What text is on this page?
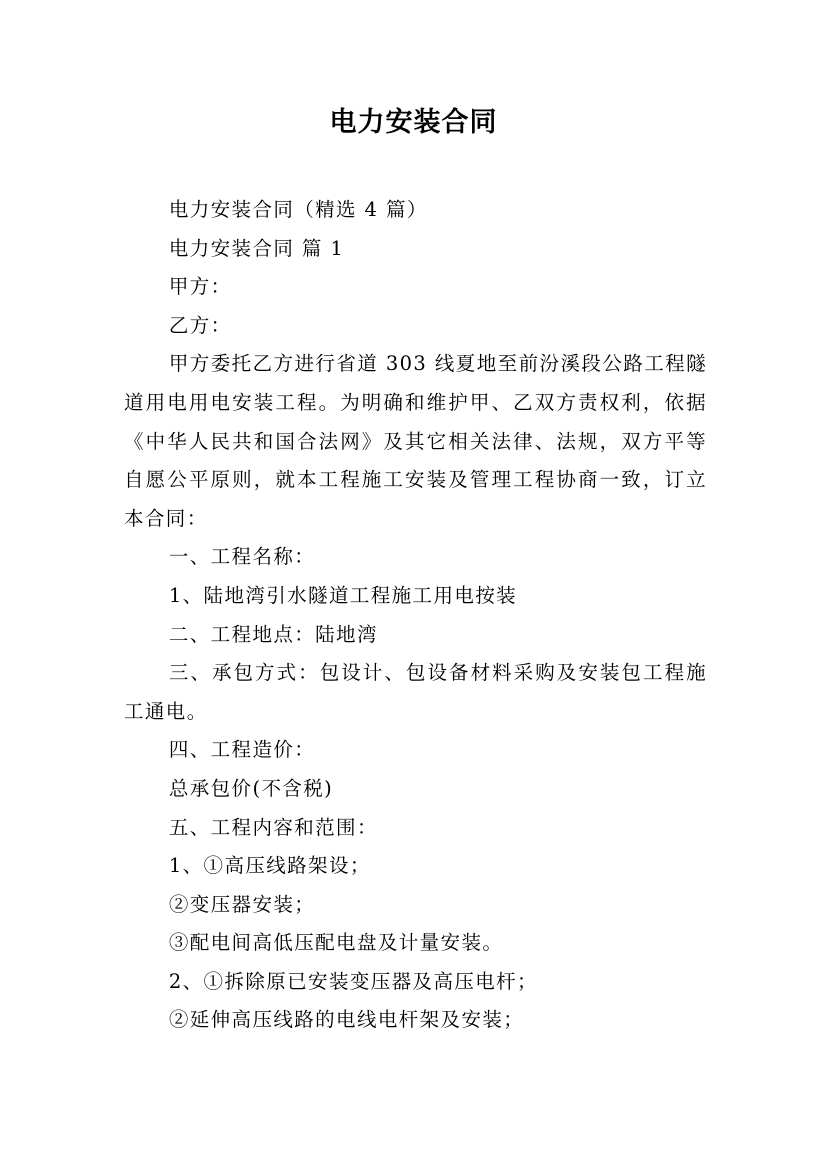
电力安装合同

电力安装合同（精选 4 篇）

电力安装合同 篇 1

甲方：

乙方：

甲方委托乙方进行省道 303 线夏地至前汾溪段公路工程隧道用电用电安装工程。为明确和维护甲、乙双方责权利，依据《中华人民共和国合法网》及其它相关法律、法规，双方平等自愿公平原则，就本工程施工安装及管理工程协商一致，订立本合同：

一、工程名称：

1、陆地湾引水隧道工程施工用电按装

二、工程地点：陆地湾

三、承包方式：包设计、包设备材料采购及安装包工程施工通电。

四、工程造价：

总承包价(不含税)

五、工程内容和范围：

1、①高压线路架设；

②变压器安装；

③配电间高低压配电盘及计量安装。

2、①拆除原已安装变压器及高压电杆；

②延伸高压线路的电线电杆架及安装；
